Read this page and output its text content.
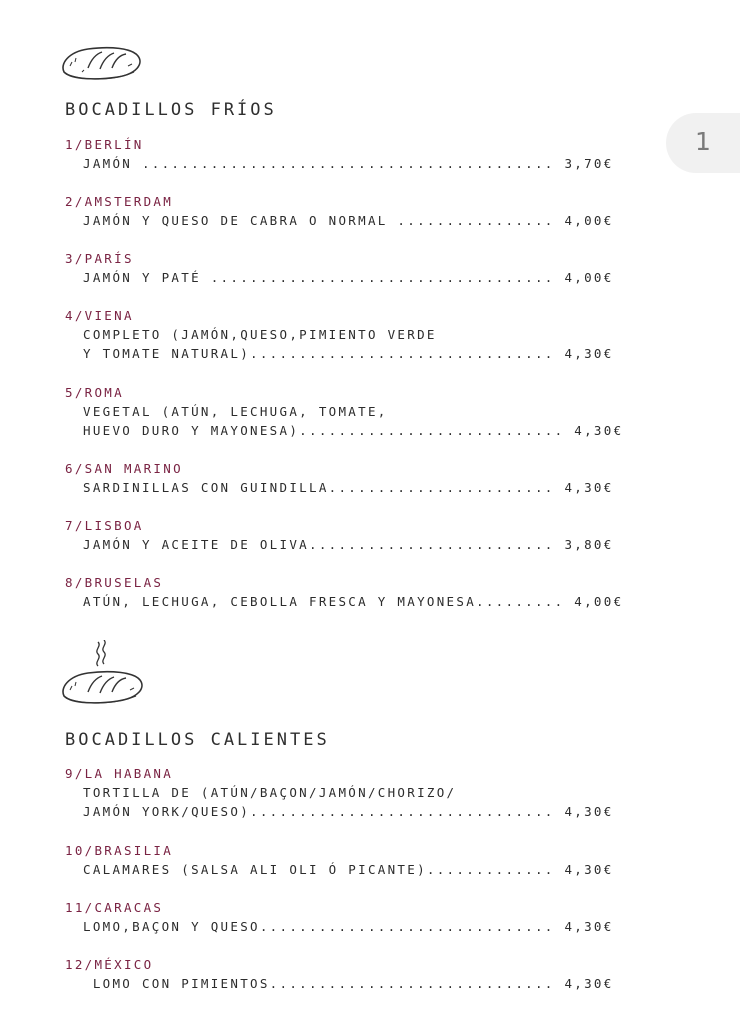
1
BOCADILLOS FRÍOS
1/BERLÍN
JAMÓN .......................................... 3,70€
2/AMSTERDAM
JAMÓN Y QUESO DE CABRA O NORMAL ................ 4,00€
3/PARÍS
JAMÓN Y PATÉ ................................... 4,00€
4/VIENA
COMPLETO (JAMÓN,QUESO,PIMIENTO VERDE
Y TOMATE NATURAL)............................... 4,30€
5/ROMA
VEGETAL (ATÚN, LECHUGA, TOMATE,
HUEVO DURO Y MAYONESA)........................... 4,30€
6/SAN MARINO
SARDINILLAS CON GUINDILLA....................... 4,30€
7/LISBOA
JAMÓN Y ACEITE DE OLIVA......................... 3,80€
8/BRUSELAS
ATÚN, LECHUGA, CEBOLLA FRESCA Y MAYONESA......... 4,00€
BOCADILLOS CALIENTES
9/LA HABANA
TORTILLA DE (ATÚN/BAÇON/JAMÓN/CHORIZO/
JAMÓN YORK/QUESO)............................... 4,30€
10/BRASILIA
CALAMARES (SALSA ALI OLI Ó PICANTE)............. 4,30€
11/CARACAS
LOMO,BAÇON Y QUESO.............................. 4,30€
12/MÉXICO
LOMO CON PIMIENTOS............................. 4,30€
